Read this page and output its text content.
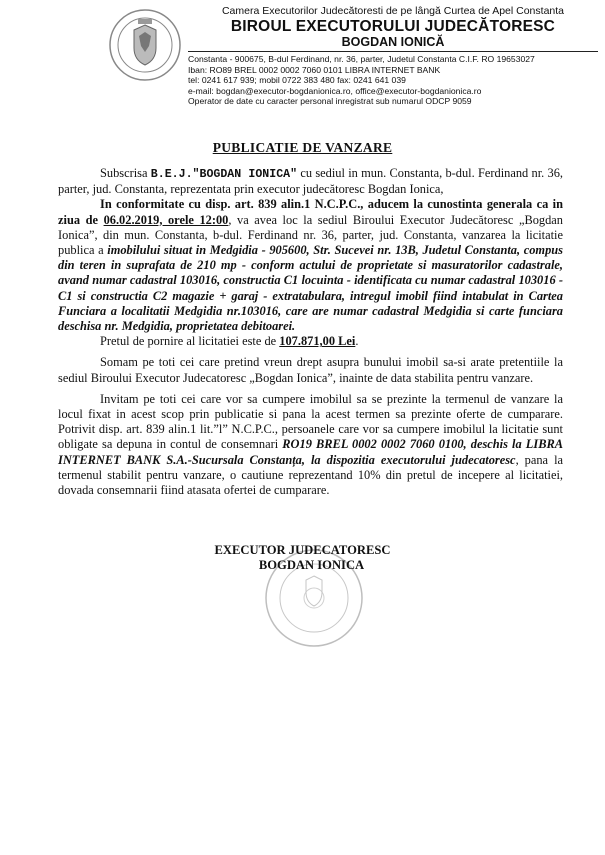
Camera Executorilor Judecătoresti de pe lângă Curtea de Apel Constanta
BIROUL EXECUTORULUI JUDECĂTORESC
BOGDAN IONICĂ
Constanta - 900675, B-dul Ferdinand, nr. 36, parter, Judetul Constanta C.I.F. RO 19653027
Iban: RO89 BREL 0002 0002 7060 0101 LIBRA INTERNET BANK
tel: 0241 617 939; mobil 0722 383 480 fax: 0241 641 039
e-mail: bogdan@executor-bogdanionica.ro, office@executor-bogdanionica.ro
Operator de date cu caracter personal inregistrat sub numarul ODCP 9059
PUBLICATIE DE VANZARE

Subscrisa B.E.J."BOGDAN IONICA" cu sediul in mun. Constanta, b-dul. Ferdinand nr. 36, parter, jud. Constanta, reprezentata prin executor judecătoresc Bogdan Ionica,

In conformitate cu disp. art. 839 alin.1 N.C.P.C., aducem la cunostinta generala ca in ziua de 06.02.2019, orele 12:00, va avea loc la sediul Biroului Executor Judecătoresc „Bogdan Ionica”, din mun. Constanta, b-dul. Ferdinand nr. 36, parter, jud. Constanta, vanzarea la licitatie publica a imobilului situat in Medgidia - 905600, Str. Sucevei nr. 13B, Judetul Constanta, compus din teren in suprafata de 210 mp - conform actului de proprietate si masuratorilor cadastrale, avand numar cadastral 103016, constructia C1 locuinta - identificata cu numar cadastral 103016 - C1 si constructia C2 magazie + garaj - extratabulara, intregul imobil fiind intabulat in Cartea Funciara a localitatii Medgidia nr.103016, care are numar cadastral Medgidia si carte funciara deschisa nr. Medgidia, proprietatea debitoarei.

Pretul de pornire al licitatiei este de 107.871,00 Lei.

Somam pe toti cei care pretind vreun drept asupra bunului imobil sa-si arate pretentiile la sediul Biroului Executor Judecatoresc „Bogdan Ionica”, inainte de data stabilita pentru vanzare.

Invitam pe toti cei care vor sa cumpere imobilul sa se prezinte la termenul de vanzare la locul fixat in acest scop prin publicatie si pana la acest termen sa prezinte oferte de cumparare. Potrivit disp. art. 839 alin.1 lit.”l” N.C.P.C., persoanele care vor sa cumpere imobilul la licitatie sunt obligate sa depuna in contul de consemnari RO19 BREL 0002 0002 7060 0100, deschis la LIBRA INTERNET BANK S.A.-Sucursala Constanța, la dispozitia executorului judecatoresc, pana la termenul stabilit pentru vanzare, o cautiune reprezentand 10% din pretul de incepere al licitatiei, dovada consemnarii fiind atasata ofertei de cumparare.

EXECUTOR JUDECATORESC
BOGDAN IONICA
